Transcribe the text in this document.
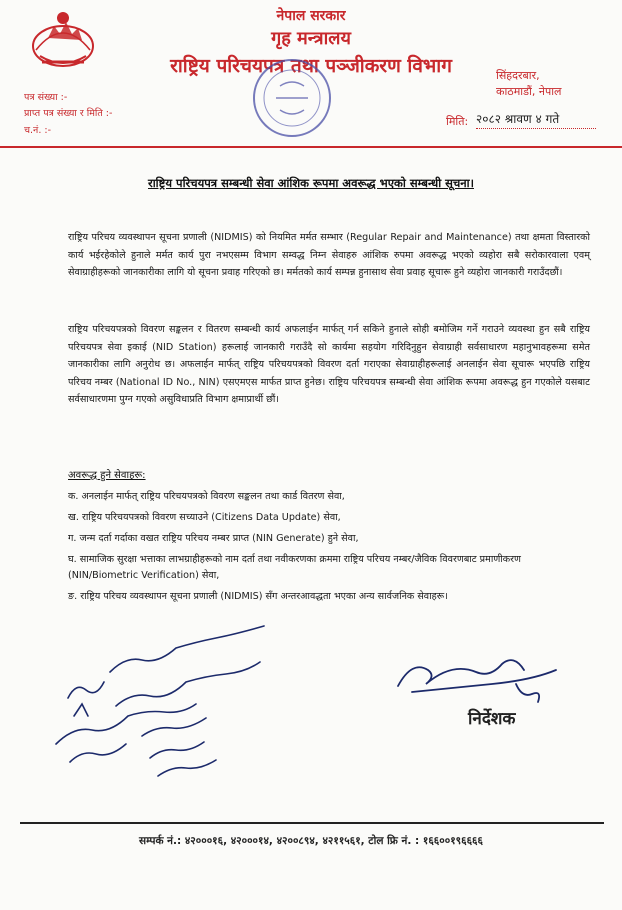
नेपाल सरकार
गृह मन्त्रालय
राष्ट्रिय परिचयपत्र तथा पञ्जीकरण विभाग	सिंहदरबार,
काठमाडौं, नेपाल
पत्र संख्या :-
प्राप्त पत्र संख्या र मिति :-
च.नं. :-
मिति: २०८२ श्रावण ४ गते
राष्ट्रिय परिचयपत्र सम्बन्धी सेवा आंशिक रूपमा अवरूद्ध भएको सम्बन्धी सूचना।
राष्ट्रिय परिचय व्यवस्थापन सूचना प्रणाली (NIDMIS) को नियमित मर्मत सम्भार (Regular Repair and Maintenance) तथा क्षमता विस्तारको कार्य भईरहेकोले हुनाले मर्मत कार्य पुरा नभएसम्म विभाग सम्वद्ध निम्न सेवाहरु आंशिक रुपमा अवरूद्ध भएको व्यहोरा सबै सरोकारवाला एवम् सेवाग्राहीहरूको जानकारीका लागि यो सूचना प्रवाह गरिएको छ। मर्मतको कार्य सम्पन्न हुनासाथ सेवा प्रवाह सूचारू हुने व्यहोरा जानकारी गराउँदछौं।
राष्ट्रिय परिचयपत्रको विवरण सङ्कलन र वितरण सम्बन्धी कार्य अफलाईन मार्फत् गर्न सकिने हुनाले सोही बमोजिम गर्ने गराउने व्यवस्था हुन सबै राष्ट्रिय परिचयपत्र सेवा इकाई (NID Station) हरूलाई जानकारी गराउँदै सो कार्यमा सहयोग गरिदिनुहुन सेवाग्राही सर्वसाधारण महानुभावहरूमा समेत जानकारीका लागि अनुरोध छ। अफलाईन मार्फत् राष्ट्रिय परिचयपत्रको विवरण दर्ता गराएका सेवाग्राहीहरूलाई अनलाईन सेवा सूचारू भएपछि राष्ट्रिय परिचय नम्बर (National ID No., NIN) एसएमएस मार्फत प्राप्त हुनेछ। राष्ट्रिय परिचयपत्र सम्बन्धी सेवा आंशिक रूपमा अवरूद्ध हुन गएकोले यसबाट सर्वसाधारणमा पुग्न गएको असुविधाप्रति विभाग क्षमाप्रार्थी छौं।
अवरूद्ध हुने सेवाहरू:
क. अनलाईन मार्फत् राष्ट्रिय परिचयपत्रको विवरण सङ्कलन तथा कार्ड वितरण सेवा,
ख. राष्ट्रिय परिचयपत्रको विवरण सच्याउने (Citizens Data Update) सेवा,
ग. जन्म दर्ता गर्दाका वखत राष्ट्रिय परिचय नम्बर प्राप्त (NIN Generate) हुने सेवा,
घ. सामाजिक सुरक्षा भत्ताका लाभग्राहीहरूको नाम दर्ता तथा नवीकरणका क्रममा राष्ट्रिय परिचय नम्बर/जैविक विवरणबाट प्रमाणीकरण (NIN/Biometric Verification) सेवा,
ङ. राष्ट्रिय परिचय व्यवस्थापन सूचना प्रणाली (NIDMIS) सँग अन्तरआवद्धता भएका अन्य सार्वजनिक सेवाहरू।
निर्देशक
सम्पर्क नं.: ४२०००१६, ४२०००१४, ४२००८९४, ४२११५६१, टोल फ्रि नं. : १६६००१९६६६६
